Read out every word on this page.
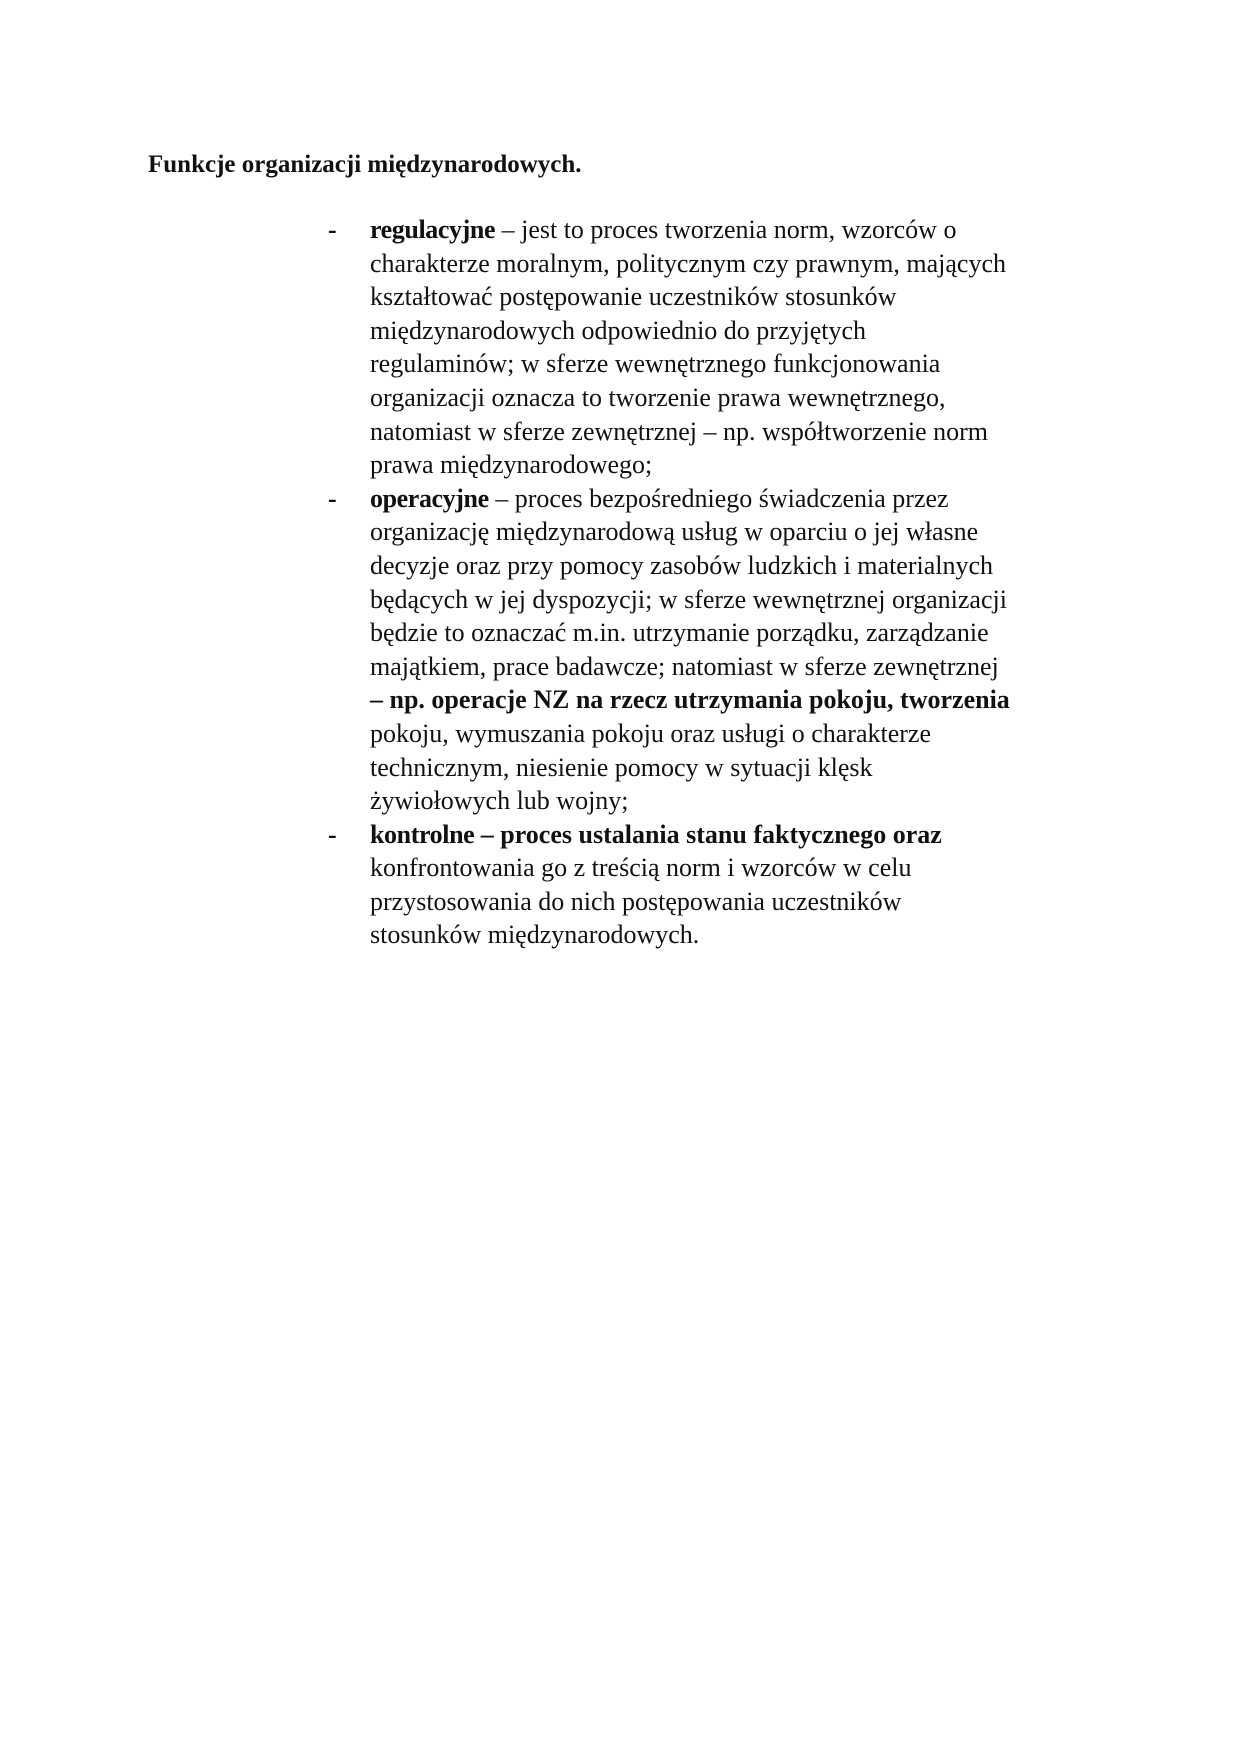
Funkcje organizacji międzynarodowych.
- regulacyjne – jest to proces tworzenia norm, wzorców o
charakterze moralnym, politycznym czy prawnym, mających
kształtować postępowanie uczestników stosunków
międzynarodowych odpowiednio do przyjętych
regulaminów; w sferze wewnętrznego funkcjonowania
organizacji oznacza to tworzenie prawa wewnętrznego,
natomiast w sferze zewnętrznej – np. współtworzenie norm
prawa międzynarodowego;
- operacyjne – proces bezpośredniego świadczenia przez
organizację międzynarodową usług w oparciu o jej własne
decyzje oraz przy pomocy zasobów ludzkich i materialnych
będących w jej dyspozycji; w sferze wewnętrznej organizacji
będzie to oznaczać m.in. utrzymanie porządku, zarządzanie
majątkiem, prace badawcze; natomiast w sferze zewnętrznej
– np. operacje NZ na rzecz utrzymania pokoju, tworzenia
pokoju, wymuszania pokoju oraz usługi o charakterze
technicznym, niesienie pomocy w sytuacji klęsk
żywiołowych lub wojny;
- kontrolne – proces ustalania stanu faktycznego oraz
konfrontowania go z treścią norm i wzorców w celu
przystosowania do nich postępowania uczestników
stosunków międzynarodowych.
